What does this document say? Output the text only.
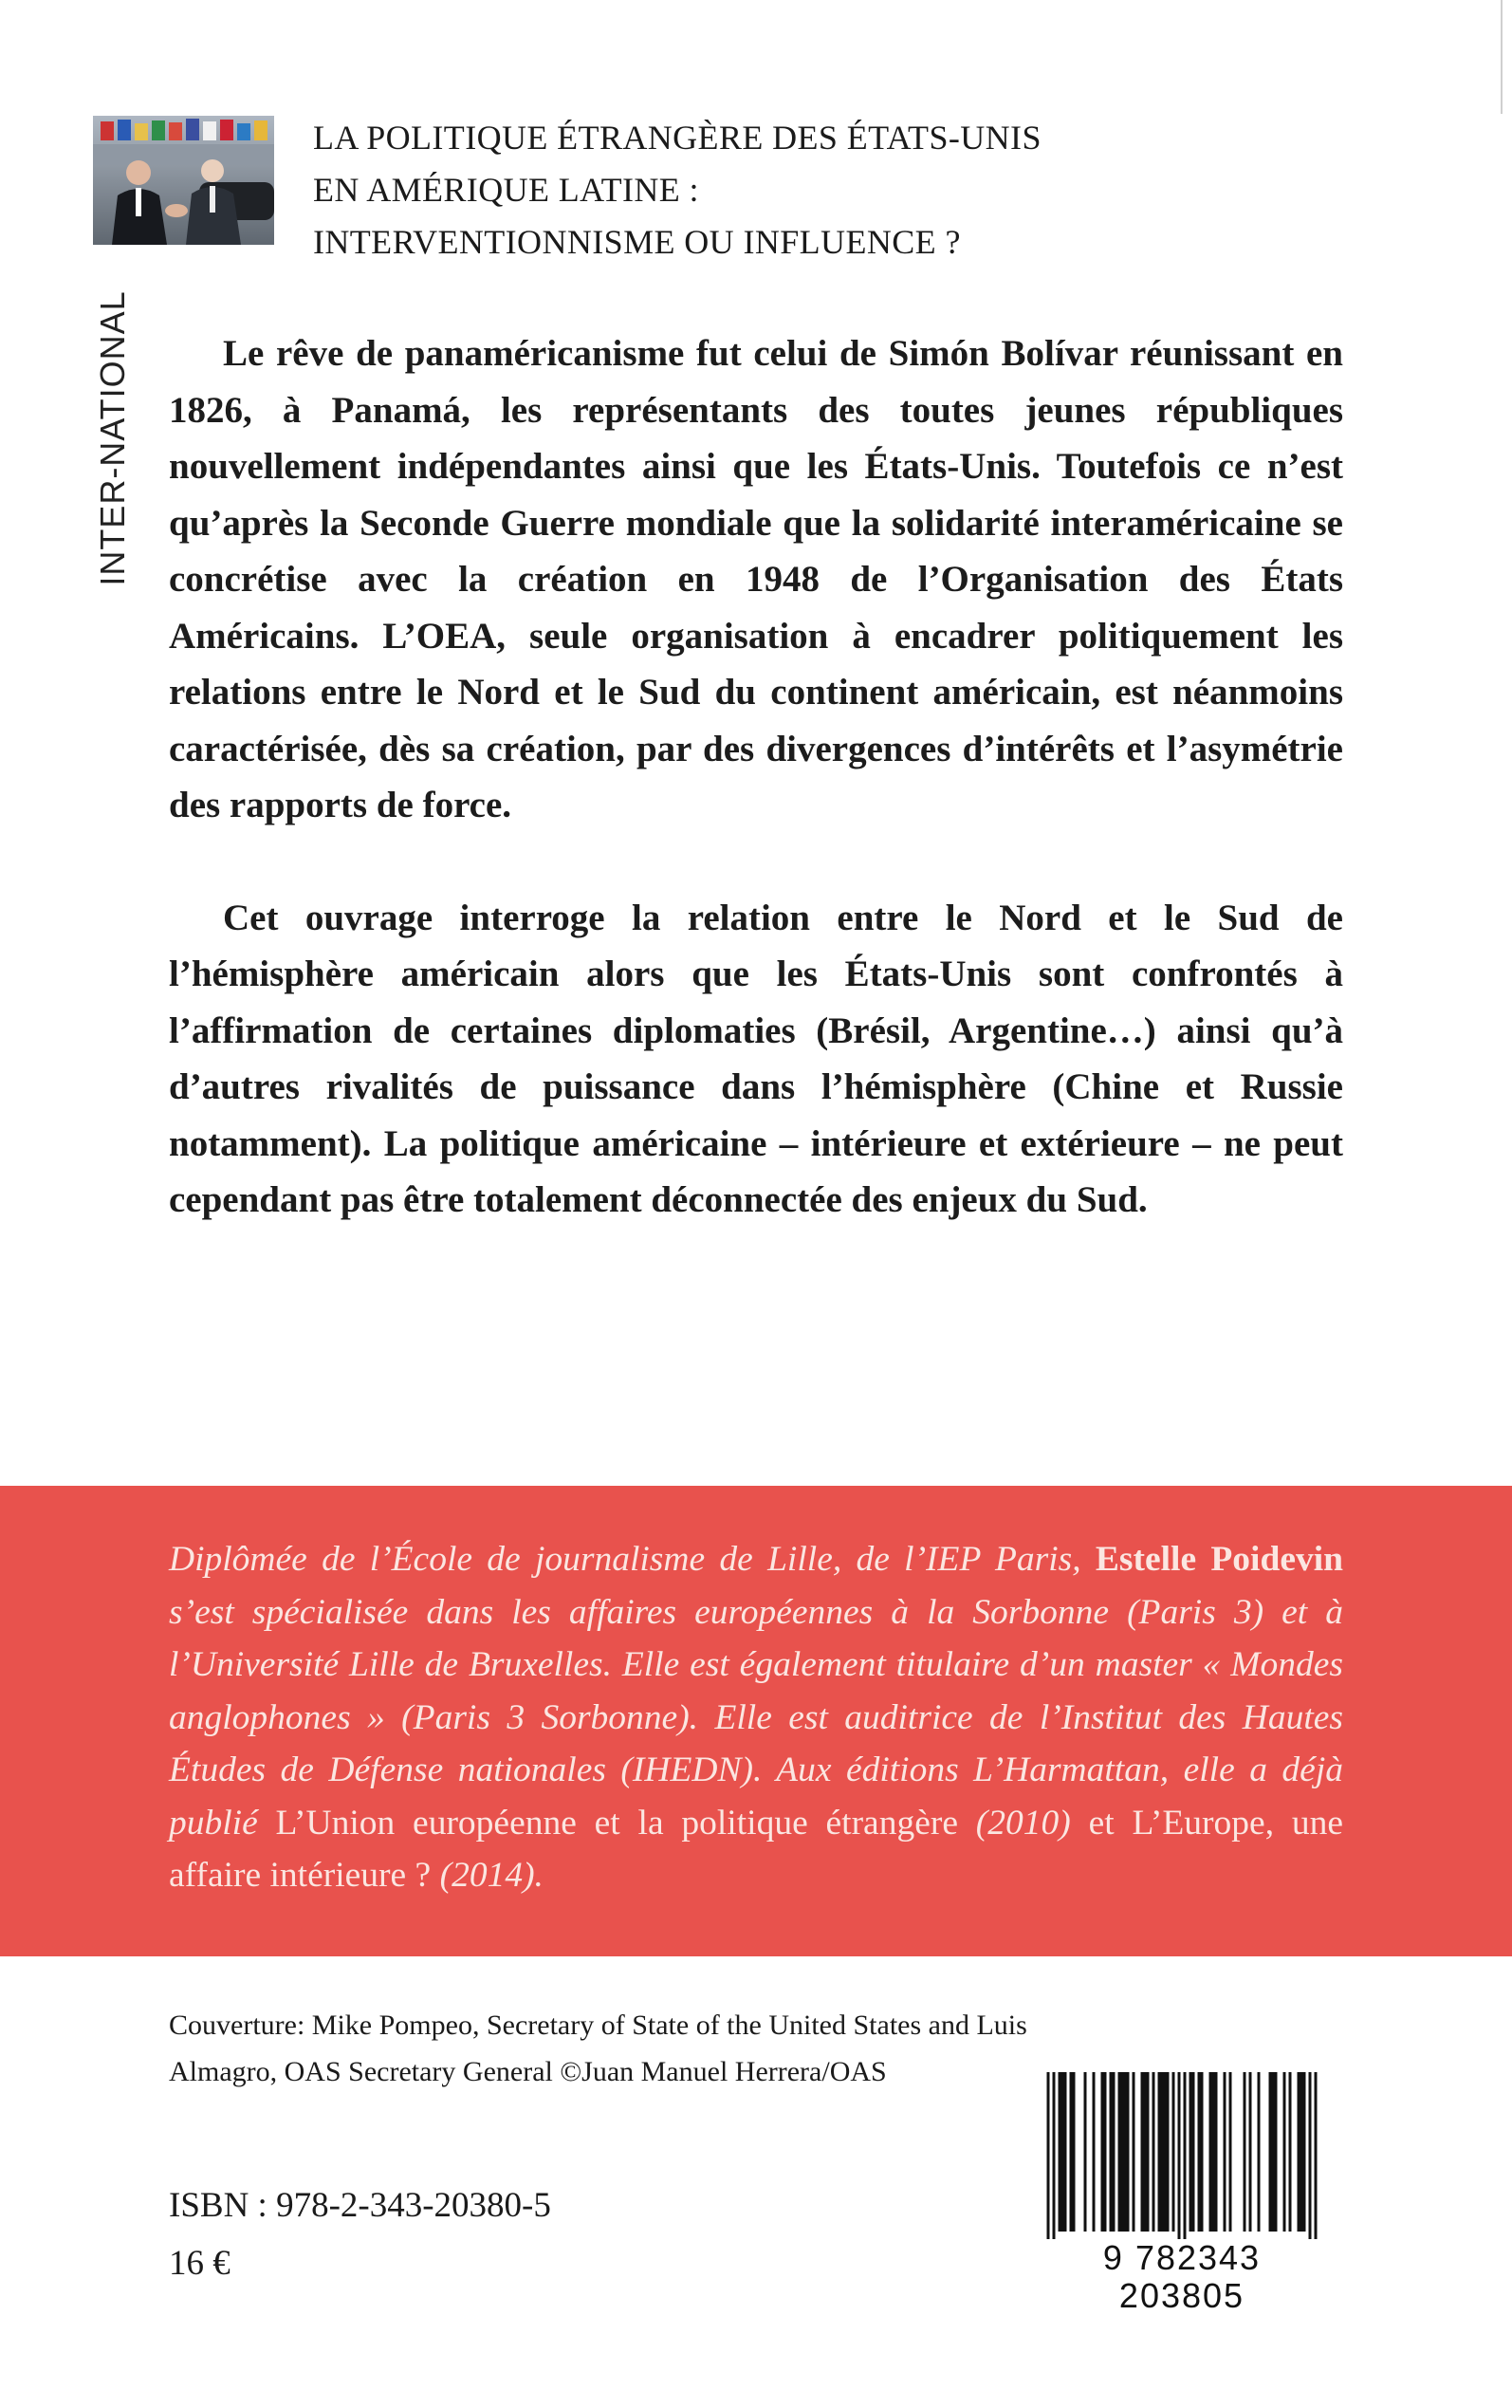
INTER-NATIONAL
LA POLITIQUE ÉTRANGÈRE DES ÉTATS-UNIS
EN AMÉRIQUE LATINE :
INTERVENTIONNISME OU INFLUENCE ?

Le rêve de panaméricanisme fut celui de Simón Bolívar réunissant en 1826, à Panamá, les représentants des toutes jeunes républiques nouvellement indépendantes ainsi que les États-Unis. Toutefois ce n’est qu’après la Seconde Guerre mondiale que la solidarité interaméricaine se concrétise avec la création en 1948 de l’Organisation des États Américains. L’OEA, seule organisation à encadrer politiquement les relations entre le Nord et le Sud du continent américain, est néanmoins caractérisée, dès sa création, par des divergences d’intérêts et l’asymétrie des rapports de force.

Cet ouvrage interroge la relation entre le Nord et le Sud de l’hémisphère américain alors que les États-Unis sont confrontés à l’affirmation de certaines diplomaties (Brésil, Argentine…) ainsi qu’à d’autres rivalités de puissance dans l’hémisphère (Chine et Russie notamment). La politique américaine – intérieure et extérieure – ne peut cependant pas être totalement déconnectée des enjeux du Sud.

Diplômée de l’École de journalisme de Lille, de l’IEP Paris, Estelle Poidevin s’est spécialisée dans les affaires européennes à la Sorbonne (Paris 3) et à l’Université Lille de Bruxelles. Elle est également titulaire d’un master « Mondes anglophones » (Paris 3 Sorbonne). Elle est auditrice de l’Institut des Hautes Études de Défense nationales (IHEDN). Aux éditions L’Harmattan, elle a déjà publié L’Union européenne et la politique étrangère (2010) et L’Europe, une affaire intérieure ? (2014).

Couverture: Mike Pompeo, Secretary of State of the United States and Luis Almagro, OAS Secretary General ©Juan Manuel Herrera/OAS

ISBN : 978-2-343-20380-5
16 €	9 782343 203805
